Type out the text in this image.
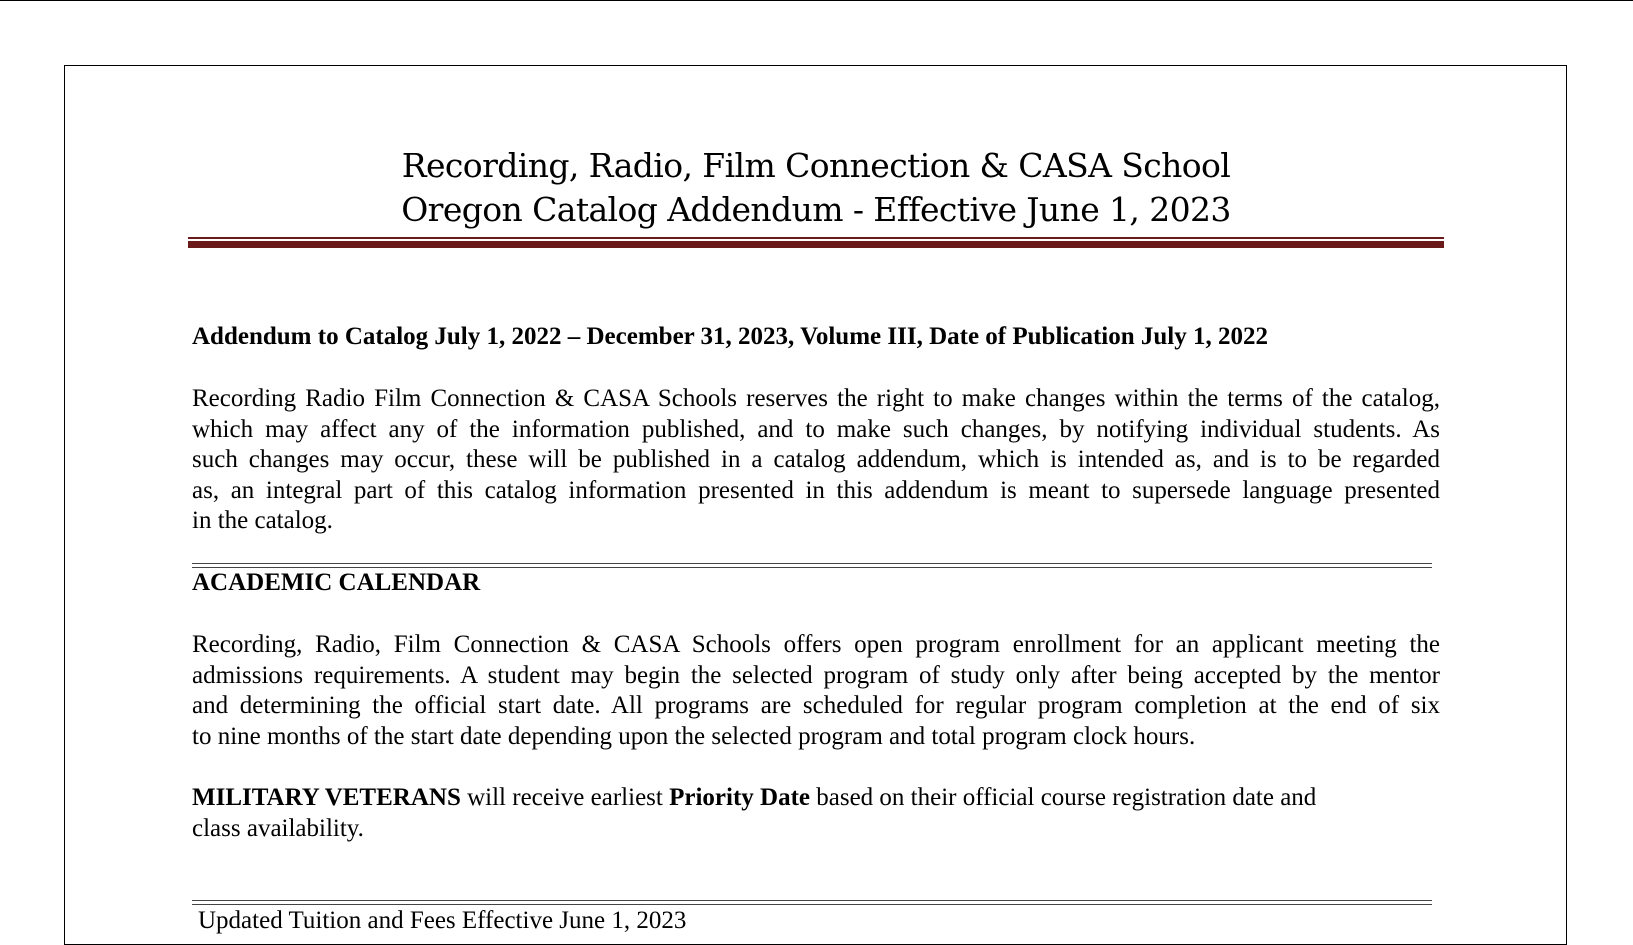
Recording, Radio, Film Connection & CASA School
Oregon Catalog Addendum - Effective June 1, 2023
Addendum to Catalog July 1, 2022 – December 31, 2023, Volume III, Date of Publication July 1, 2022
Recording Radio Film Connection & CASA Schools reserves the right to make changes within the terms of the catalog,
which may affect any of the information published, and to make such changes, by notifying individual students. As
such changes may occur, these will be published in a catalog addendum, which is intended as, and is to be regarded
as, an integral part of this catalog information presented in this addendum is meant to supersede language presented
in the catalog.
ACADEMIC CALENDAR
Recording, Radio, Film Connection & CASA Schools offers open program enrollment for an applicant meeting the
admissions requirements. A student may begin the selected program of study only after being accepted by the mentor
and determining the official start date. All programs are scheduled for regular program completion at the end of six
to nine months of the start date depending upon the selected program and total program clock hours.
MILITARY VETERANS will receive earliest Priority Date based on their official course registration date and
class availability.
Updated Tuition and Fees Effective June 1, 2023
